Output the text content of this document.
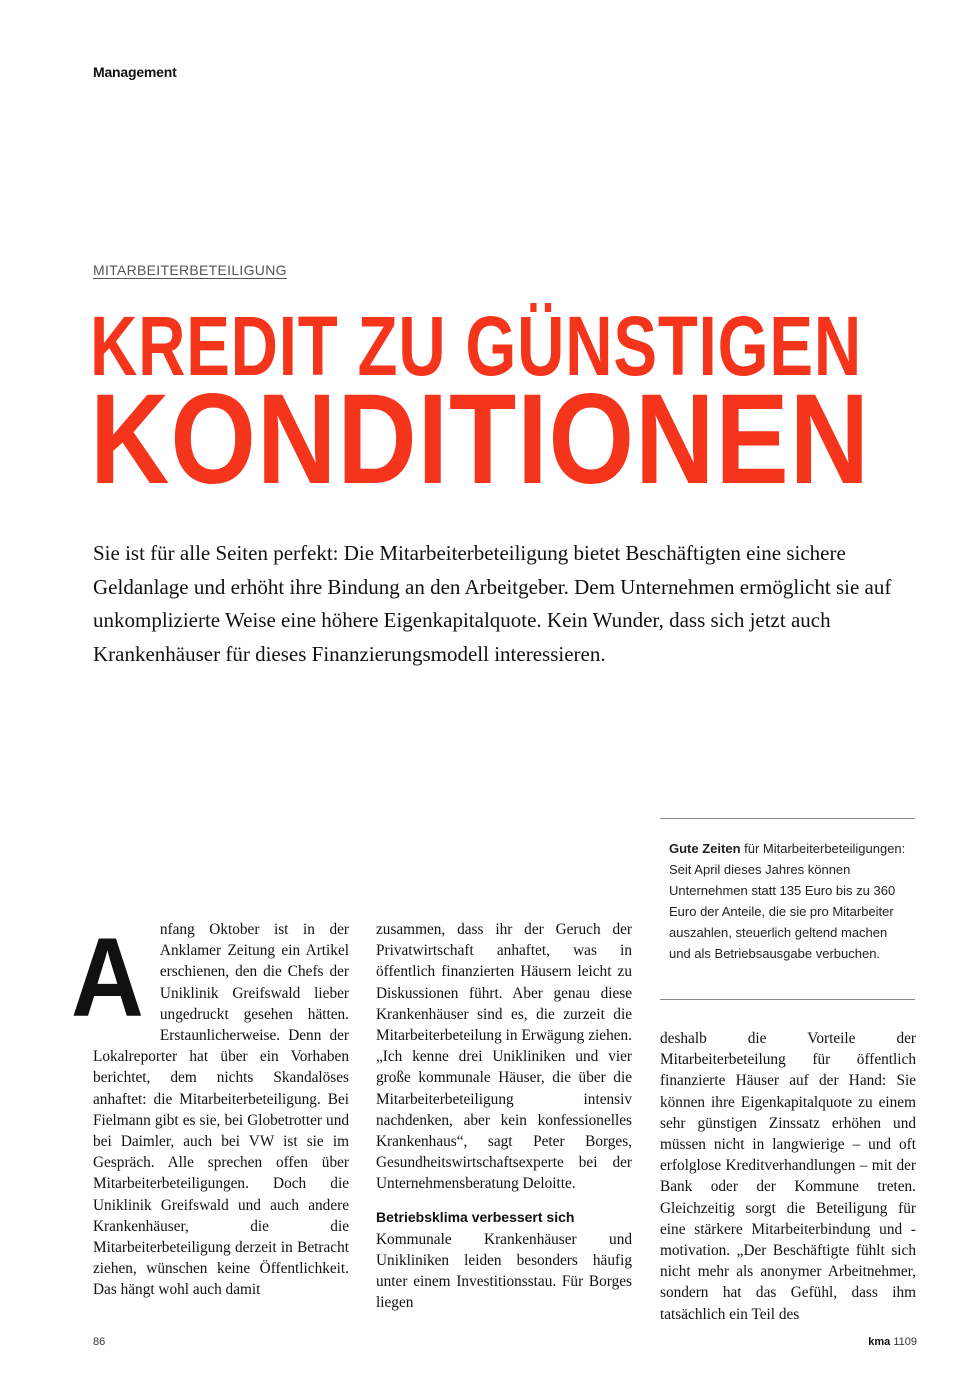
Management
MITARBEITERBETEILIGUNG
KREDIT ZU GÜNSTIGEN
KONDITIONEN

Sie ist für alle Seiten perfekt: Die Mitarbeiterbeteiligung bietet Beschäftigten eine sichere Geldanlage und erhöht ihre Bindung an den Arbeitgeber. Dem Unternehmen ermöglicht sie auf unkomplizierte Weise eine höhere Eigenkapitalquote. Kein Wunder, dass sich jetzt auch Krankenhäuser für dieses Finanzierungsmodell interessieren.

Gute Zeiten für Mitarbeiterbeteiligungen: Seit April dieses Jahres können Unternehmen statt 135 Euro bis zu 360 Euro der Anteile, die sie pro Mitarbeiter auszahlen, steuerlich geltend machen und als Betriebsausgabe verbuchen.
A nfang Oktober ist in der Anklamer Zeitung ein Artikel erschienen, den die Chefs der Uniklinik Greifswald lieber ungedruckt gesehen hätten. Erstaunlicherweise. Denn der Lokalreporter hat über ein Vorhaben berichtet, dem nichts Skandalöses anhaftet: die Mitarbeiterbeteiligung. Bei Fielmann gibt es sie, bei Globetrotter und bei Daimler, auch bei VW ist sie im Gespräch. Alle sprechen offen über Mitarbeiterbeteiligungen. Doch die Uniklinik Greifswald und auch andere Krankenhäuser, die die Mitarbeiterbeteiligung derzeit in Betracht ziehen, wünschen keine Öffentlichkeit. Das hängt wohl auch damit

zusammen, dass ihr der Geruch der Privatwirtschaft anhaftet, was in öffentlich finanzierten Häusern leicht zu Diskussionen führt. Aber genau diese Krankenhäuser sind es, die zurzeit die Mitarbeiterbeteilung in Erwägung ziehen. „Ich kenne drei Unikliniken und vier große kommunale Häuser, die über die Mitarbeiterbeteiligung intensiv nachdenken, aber kein konfessionelles Krankenhaus“, sagt Peter Borges, Gesundheitswirtschaftsexperte bei der Unternehmensberatung Deloitte.

Betriebsklima verbessert sich

Kommunale Krankenhäuser und Unikliniken leiden besonders häufig unter einem Investitionsstau. Für Borges liegen

deshalb die Vorteile der Mitarbeiterbeteilung für öffentlich finanzierte Häuser auf der Hand: Sie können ihre Eigenkapitalquote zu einem sehr günstigen Zinssatz erhöhen und müssen nicht in langwierige – und oft erfolglose Kreditverhandlungen – mit der Bank oder der Kommune treten. Gleichzeitig sorgt die Beteiligung für eine stärkere Mitarbeiterbindung und -motivation. „Der Beschäftigte fühlt sich nicht mehr als anonymer Arbeitnehmer, sondern hat das Gefühl, dass ihm tatsächlich ein Teil des

86	kma 1109
